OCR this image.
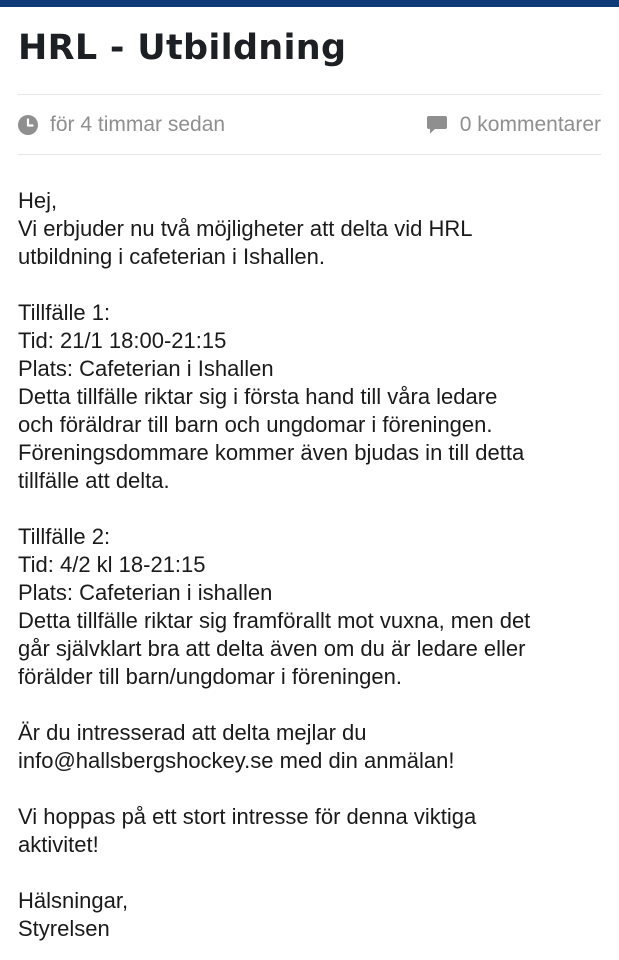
HRL - Utbildning
för 4 timmar sedan	0 kommentarer
Hej,
Vi erbjuder nu två möjligheter att delta vid HRL
utbildning i cafeterian i Ishallen.
Tillfälle 1:
Tid: 21/1 18:00-21:15
Plats: Cafeterian i Ishallen
Detta tillfälle riktar sig i första hand till våra ledare
och föräldrar till barn och ungdomar i föreningen.
Föreningsdommare kommer även bjudas in till detta
tillfälle att delta.
Tillfälle 2:
Tid: 4/2 kl 18-21:15
Plats: Cafeterian i ishallen
Detta tillfälle riktar sig framförallt mot vuxna, men det
går självklart bra att delta även om du är ledare eller
förälder till barn/ungdomar i föreningen.
Är du intresserad att delta mejlar du
info@hallsbergshockey.se med din anmälan!
Vi hoppas på ett stort intresse för denna viktiga
aktivitet!
Hälsningar,
Styrelsen
